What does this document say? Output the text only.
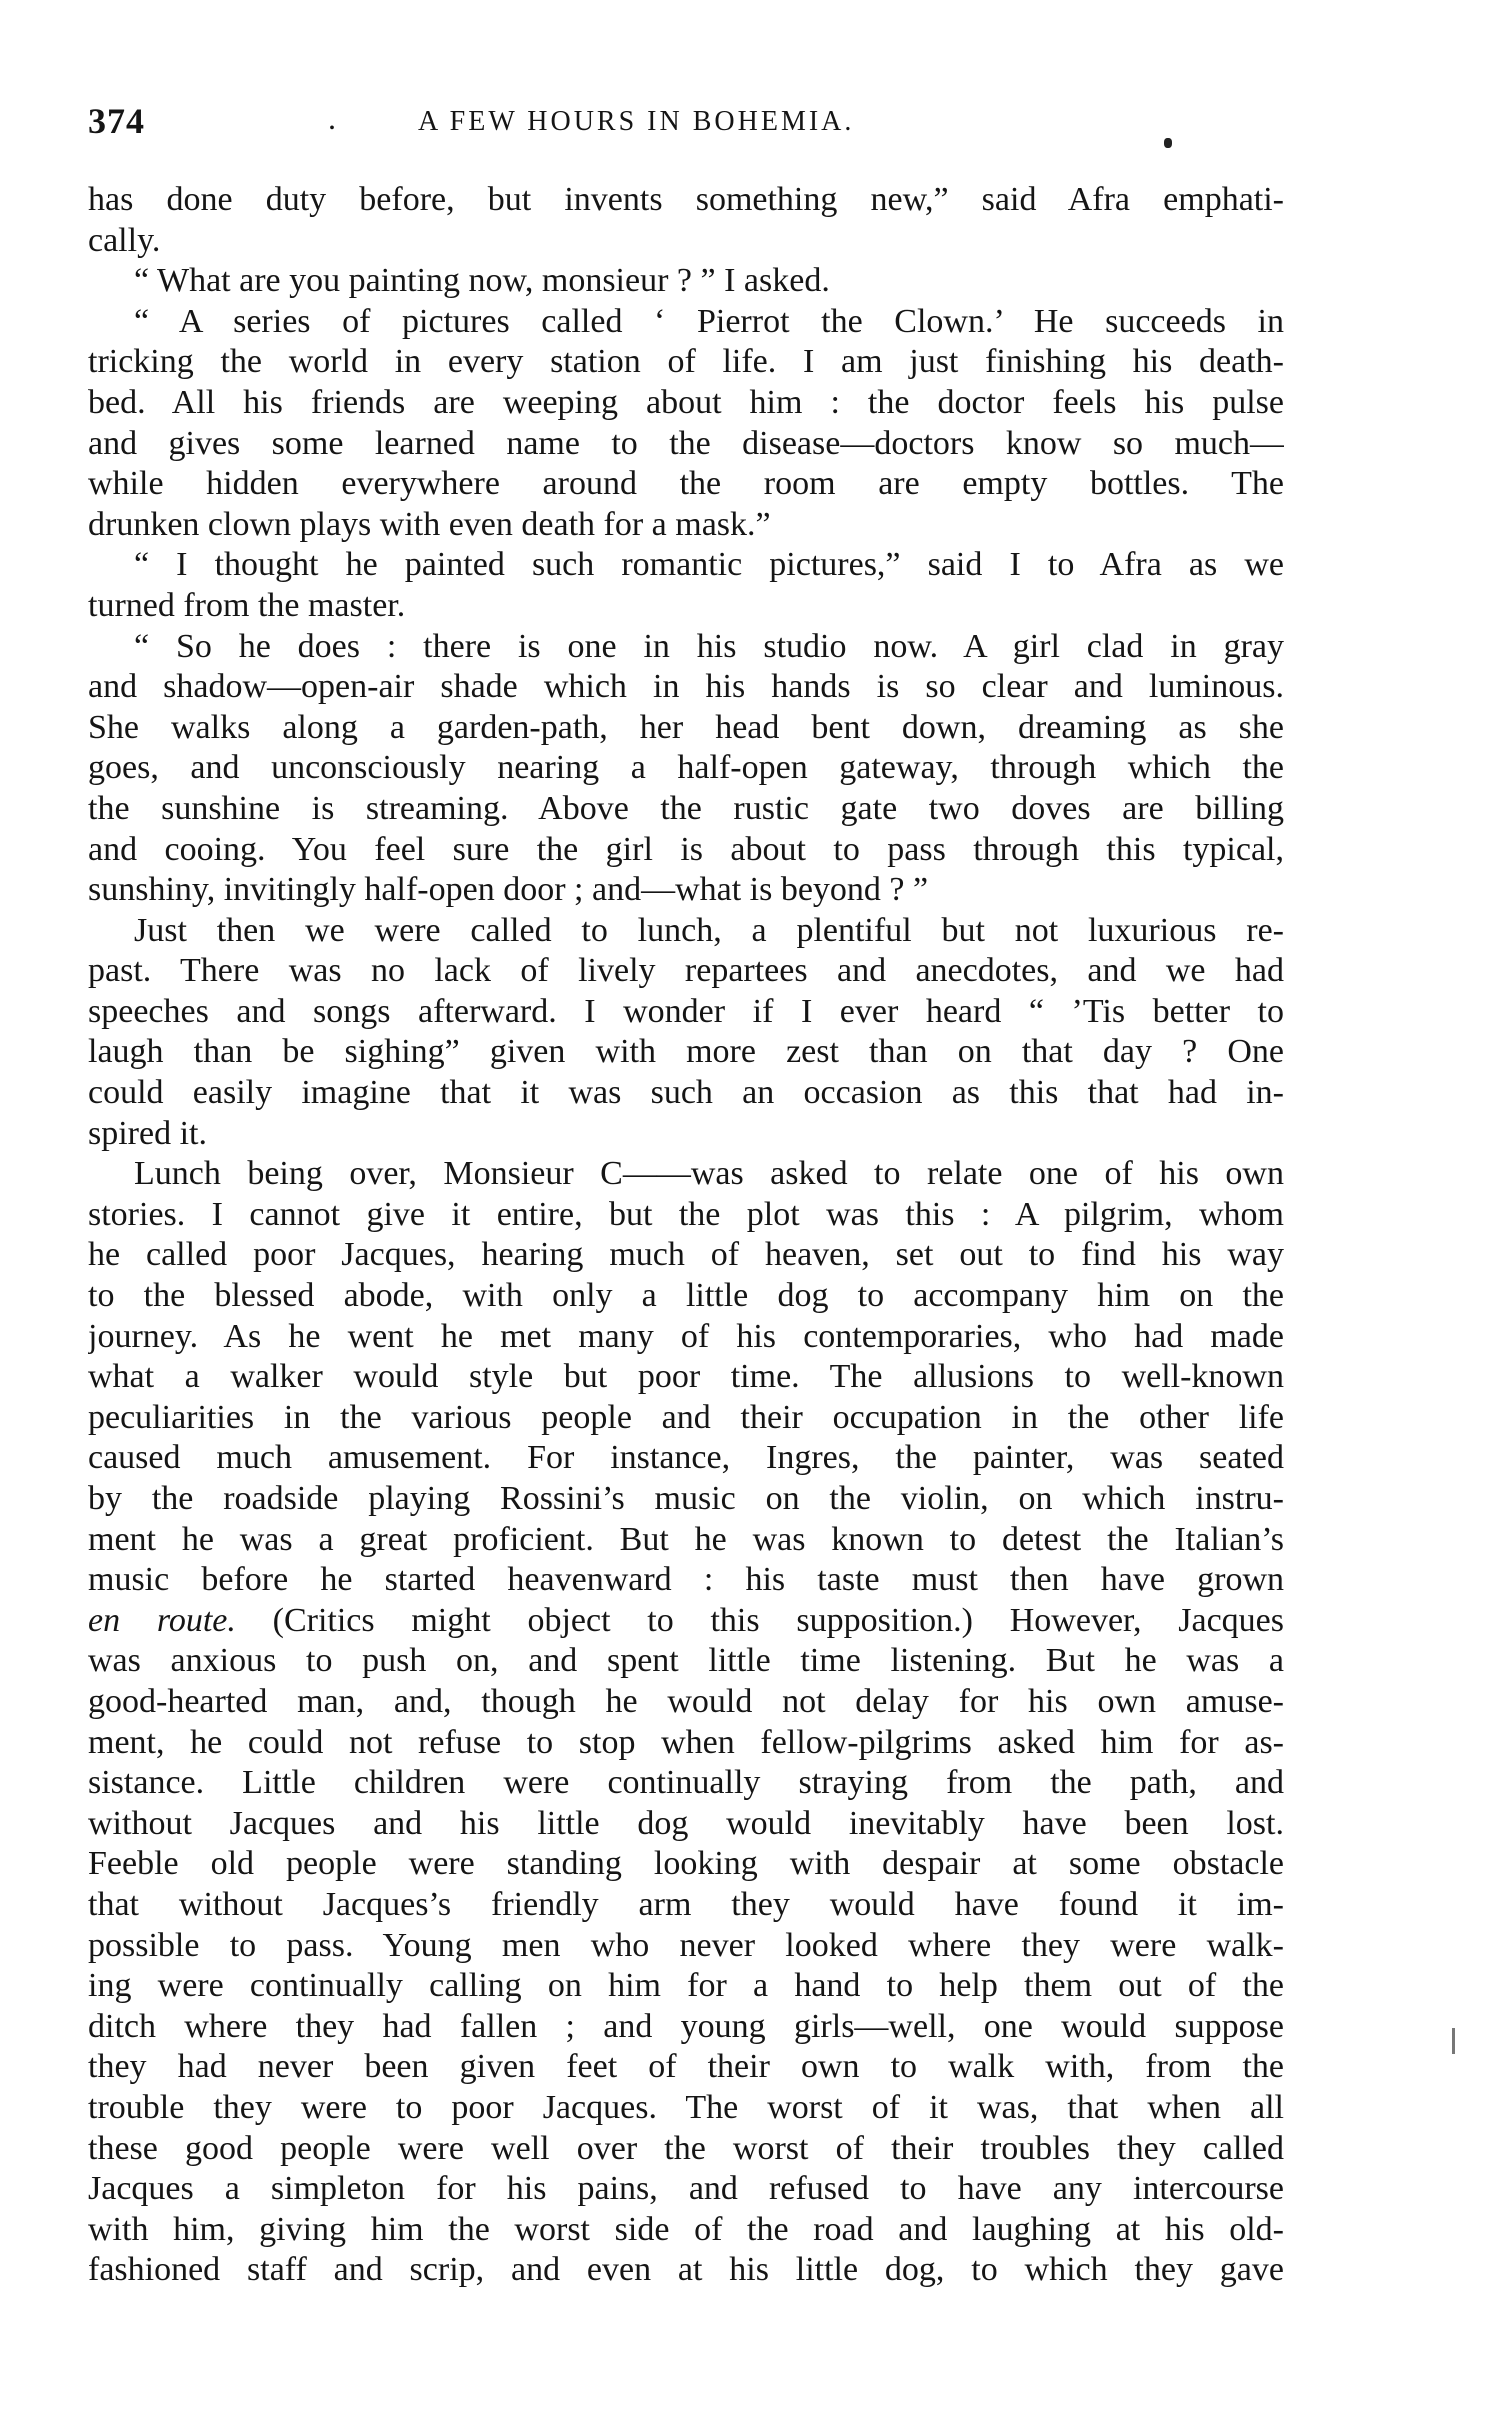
374	.	A FEW HOURS IN BOHEMIA.
has done duty before, but invents something new,” said Afra emphati-
cally.
“ What are you painting now, monsieur ? ” I asked.
“ A series of pictures called ‘ Pierrot the Clown.’ He succeeds in
tricking the world in every station of life. I am just finishing his death-
bed. All his friends are weeping about him : the doctor feels his pulse
and gives some learned name to the disease—doctors know so much—
while hidden everywhere around the room are empty bottles. The
drunken clown plays with even death for a mask.”
“ I thought he painted such romantic pictures,” said I to Afra as we
turned from the master.
“ So he does : there is one in his studio now. A girl clad in gray
and shadow—open-air shade which in his hands is so clear and luminous.
She walks along a garden-path, her head bent down, dreaming as she
goes, and unconsciously nearing a half-open gateway, through which the
the sunshine is streaming. Above the rustic gate two doves are billing
and cooing. You feel sure the girl is about to pass through this typical,
sunshiny, invitingly half-open door ; and—what is beyond ? ”
Just then we were called to lunch, a plentiful but not luxurious re-
past. There was no lack of lively repartees and anecdotes, and we had
speeches and songs afterward. I wonder if I ever heard “ ’Tis better to
laugh than be sighing” given with more zest than on that day ? One
could easily imagine that it was such an occasion as this that had in-
spired it.
Lunch being over, Monsieur C——was asked to relate one of his own
stories. I cannot give it entire, but the plot was this : A pilgrim, whom
he called poor Jacques, hearing much of heaven, set out to find his way
to the blessed abode, with only a little dog to accompany him on the
journey. As he went he met many of his contemporaries, who had made
what a walker would style but poor time. The allusions to well-known
peculiarities in the various people and their occupation in the other life
caused much amusement. For instance, Ingres, the painter, was seated
by the roadside playing Rossini’s music on the violin, on which instru-
ment he was a great proficient. But he was known to detest the Italian’s
music before he started heavenward : his taste must then have grown
en route. (Critics might object to this supposition.) However, Jacques
was anxious to push on, and spent little time listening. But he was a
good-hearted man, and, though he would not delay for his own amuse-
ment, he could not refuse to stop when fellow-pilgrims asked him for as-
sistance. Little children were continually straying from the path, and
without Jacques and his little dog would inevitably have been lost.
Feeble old people were standing looking with despair at some obstacle
that without Jacques’s friendly arm they would have found it im-
possible to pass. Young men who never looked where they were walk-
ing were continually calling on him for a hand to help them out of the
ditch where they had fallen ; and young girls—well, one would suppose
they had never been given feet of their own to walk with, from the
trouble they were to poor Jacques. The worst of it was, that when all
these good people were well over the worst of their troubles they called
Jacques a simpleton for his pains, and refused to have any intercourse
with him, giving him the worst side of the road and laughing at his old-
fashioned staff and scrip, and even at his little dog, to which they gave
